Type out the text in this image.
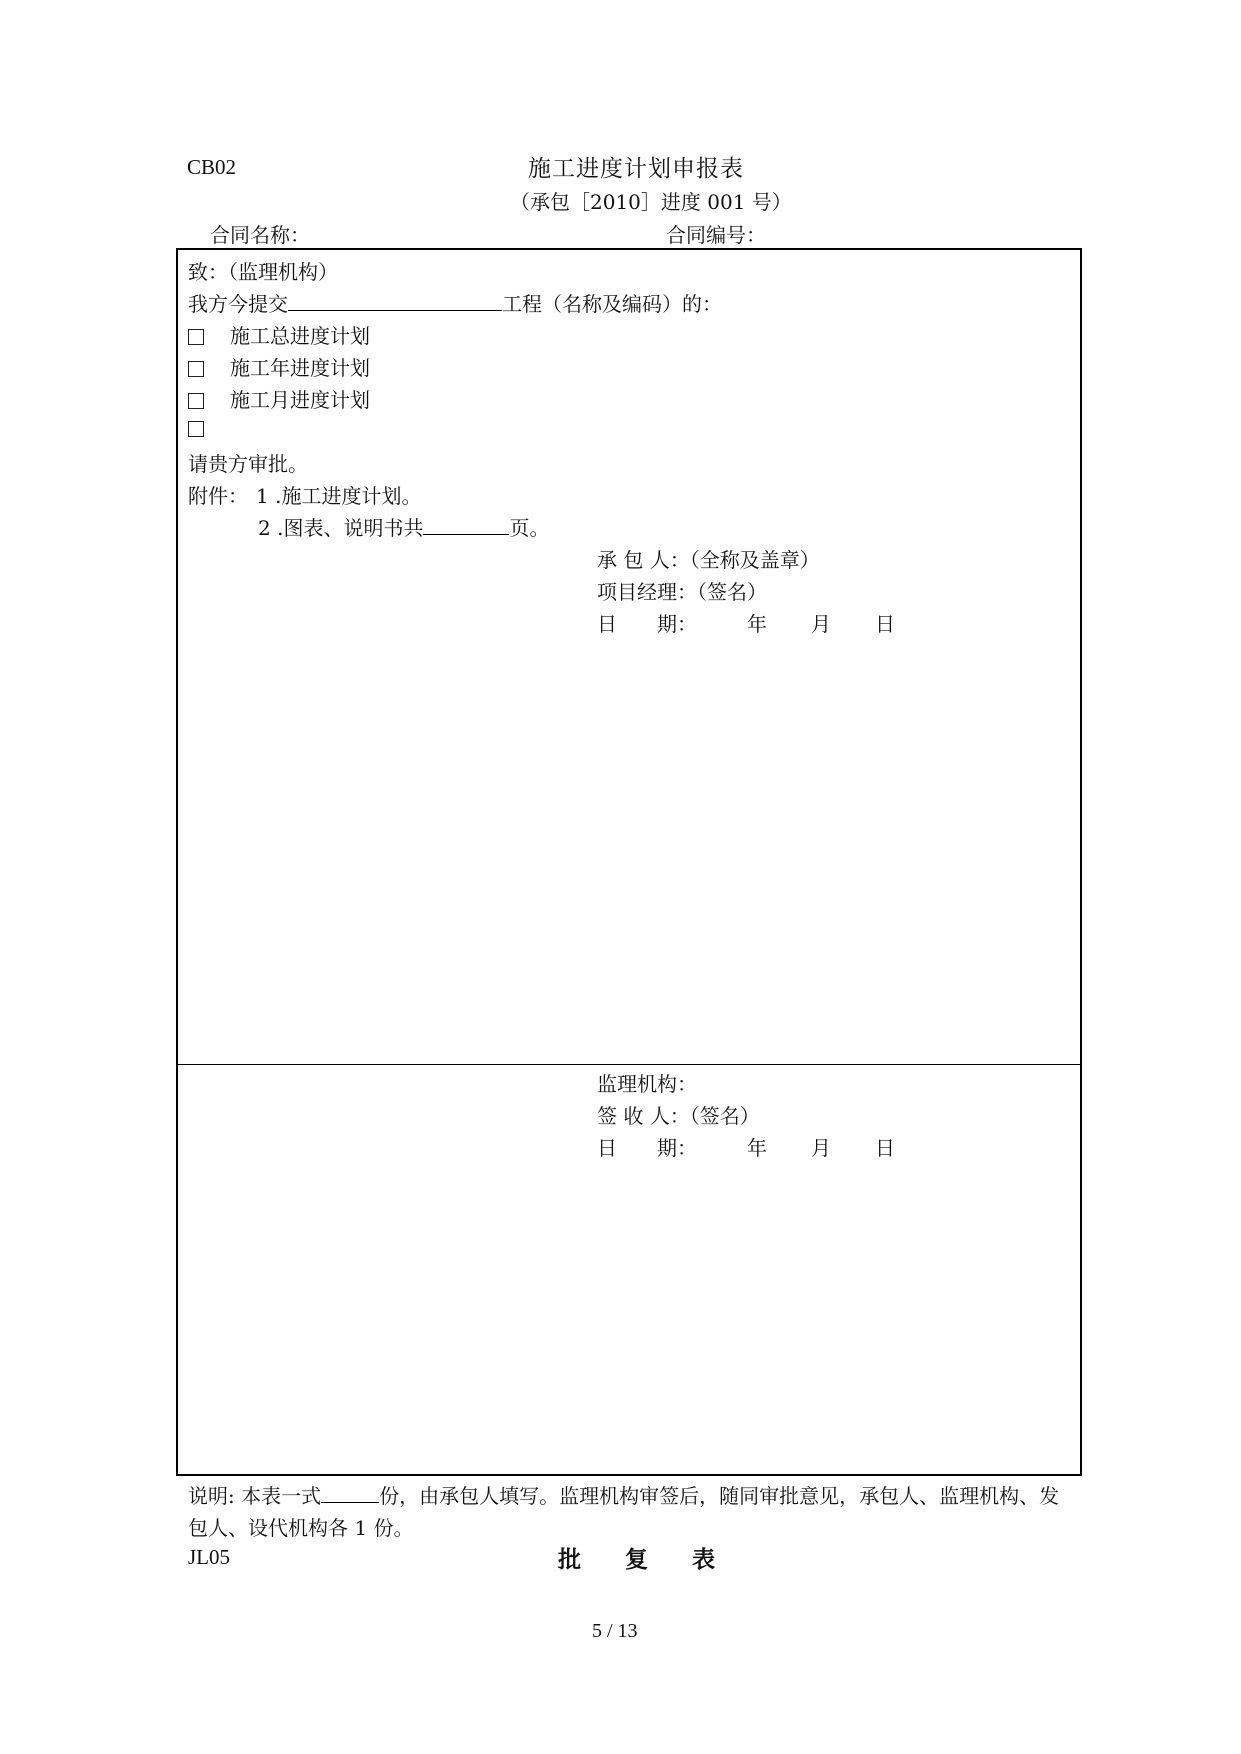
CB02	施工进度计划申报表
（承包［2010］进度 001 号）
合同名称：	合同编号：
致：（监理机构）
我方今提交	工程（名称及编码）的：
施工总进度计划
施工年进度计划
施工月进度计划
请贵方审批。
附件： 1 .施工进度计划。
2 .图表、说明书共	页。
承 包 人：（全称及盖章）
项目经理：（签名）
日　　期：	年 月 日
监理机构：
签 收 人：（签名）
日　　期：	年 月 日
说明: 本表一式	份，由承包人填写。监理机构审签后，随同审批意见，承包人、监理机构、发包人、设代机构各 1 份。
JL05	批 复 表
5 / 13
